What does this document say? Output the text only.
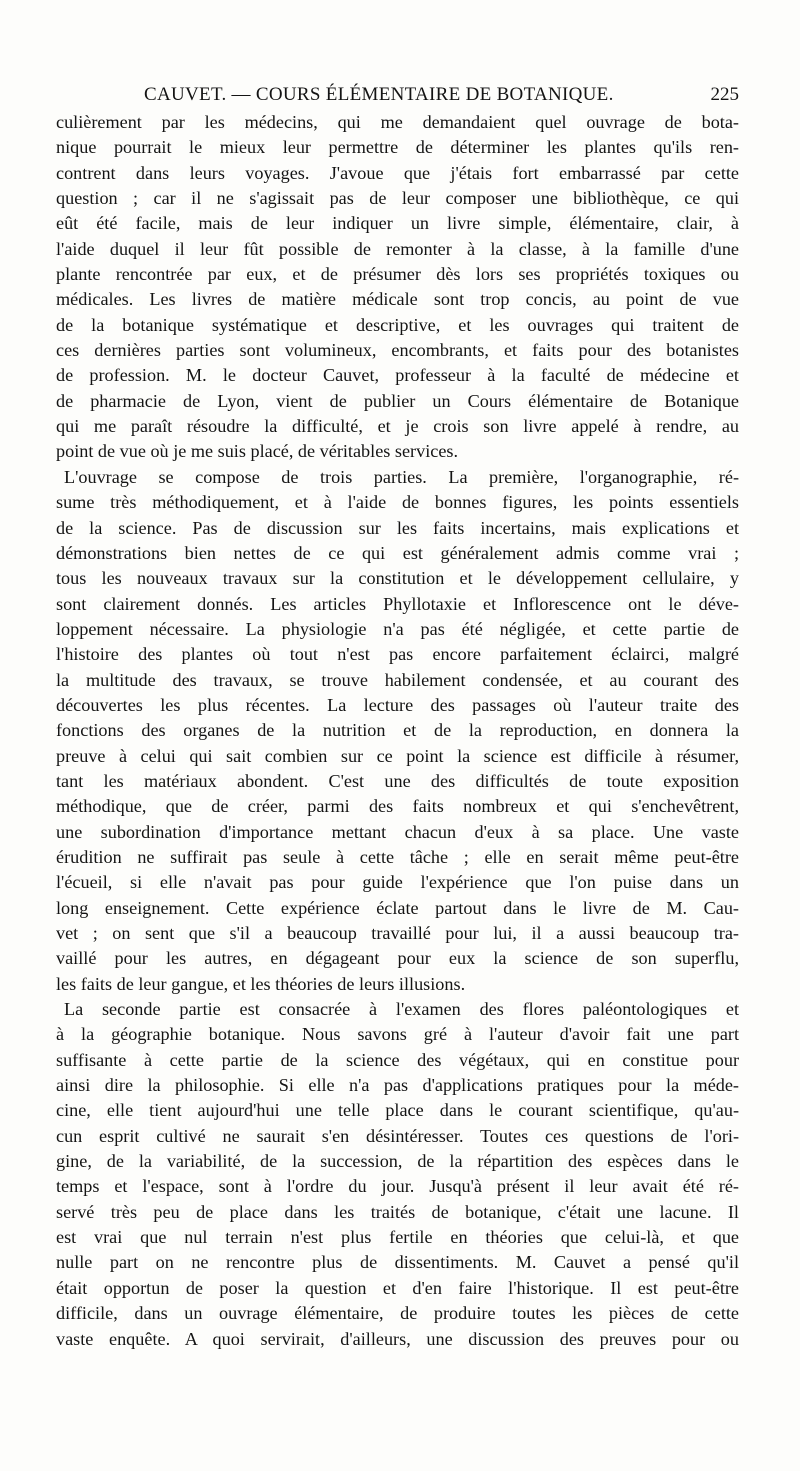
CAUVET. — COURS ÉLÉMENTAIRE DE BOTANIQUE.	225
culièrement par les médecins, qui me demandaient quel ouvrage de bota-
nique pourrait le mieux leur permettre de déterminer les plantes qu'ils ren-
contrent dans leurs voyages. J'avoue que j'étais fort embarrassé par cette
question ; car il ne s'agissait pas de leur composer une bibliothèque, ce qui
eût été facile, mais de leur indiquer un livre simple, élémentaire, clair, à
l'aide duquel il leur fût possible de remonter à la classe, à la famille d'une
plante rencontrée par eux, et de présumer dès lors ses propriétés toxiques ou
médicales. Les livres de matière médicale sont trop concis, au point de vue
de la botanique systématique et descriptive, et les ouvrages qui traitent de
ces dernières parties sont volumineux, encombrants, et faits pour des botanistes
de profession. M. le docteur Cauvet, professeur à la faculté de médecine et
de pharmacie de Lyon, vient de publier un Cours élémentaire de Botanique
qui me paraît résoudre la difficulté, et je crois son livre appelé à rendre, au
point de vue où je me suis placé, de véritables services.
L'ouvrage se compose de trois parties. La première, l'organographie, ré-
sume très méthodiquement, et à l'aide de bonnes figures, les points essentiels
de la science. Pas de discussion sur les faits incertains, mais explications et
démonstrations bien nettes de ce qui est généralement admis comme vrai ;
tous les nouveaux travaux sur la constitution et le développement cellulaire, y
sont clairement donnés. Les articles Phyllotaxie et Inflorescence ont le déve-
loppement nécessaire. La physiologie n'a pas été négligée, et cette partie de
l'histoire des plantes où tout n'est pas encore parfaitement éclairci, malgré
la multitude des travaux, se trouve habilement condensée, et au courant des
découvertes les plus récentes. La lecture des passages où l'auteur traite des
fonctions des organes de la nutrition et de la reproduction, en donnera la
preuve à celui qui sait combien sur ce point la science est difficile à résumer,
tant les matériaux abondent. C'est une des difficultés de toute exposition
méthodique, que de créer, parmi des faits nombreux et qui s'enchevêtrent,
une subordination d'importance mettant chacun d'eux à sa place. Une vaste
érudition ne suffirait pas seule à cette tâche ; elle en serait même peut-être
l'écueil, si elle n'avait pas pour guide l'expérience que l'on puise dans un
long enseignement. Cette expérience éclate partout dans le livre de M. Cau-
vet ; on sent que s'il a beaucoup travaillé pour lui, il a aussi beaucoup tra-
vaillé pour les autres, en dégageant pour eux la science de son superflu,
les faits de leur gangue, et les théories de leurs illusions.
La seconde partie est consacrée à l'examen des flores paléontologiques et
à la géographie botanique. Nous savons gré à l'auteur d'avoir fait une part
suffisante à cette partie de la science des végétaux, qui en constitue pour
ainsi dire la philosophie. Si elle n'a pas d'applications pratiques pour la méde-
cine, elle tient aujourd'hui une telle place dans le courant scientifique, qu'au-
cun esprit cultivé ne saurait s'en désintéresser. Toutes ces questions de l'ori-
gine, de la variabilité, de la succession, de la répartition des espèces dans le
temps et l'espace, sont à l'ordre du jour. Jusqu'à présent il leur avait été ré-
servé très peu de place dans les traités de botanique, c'était une lacune. Il
est vrai que nul terrain n'est plus fertile en théories que celui-là, et que
nulle part on ne rencontre plus de dissentiments. M. Cauvet a pensé qu'il
était opportun de poser la question et d'en faire l'historique. Il est peut-être
difficile, dans un ouvrage élémentaire, de produire toutes les pièces de cette
vaste enquête. A quoi servirait, d'ailleurs, une discussion des preuves pour ou
